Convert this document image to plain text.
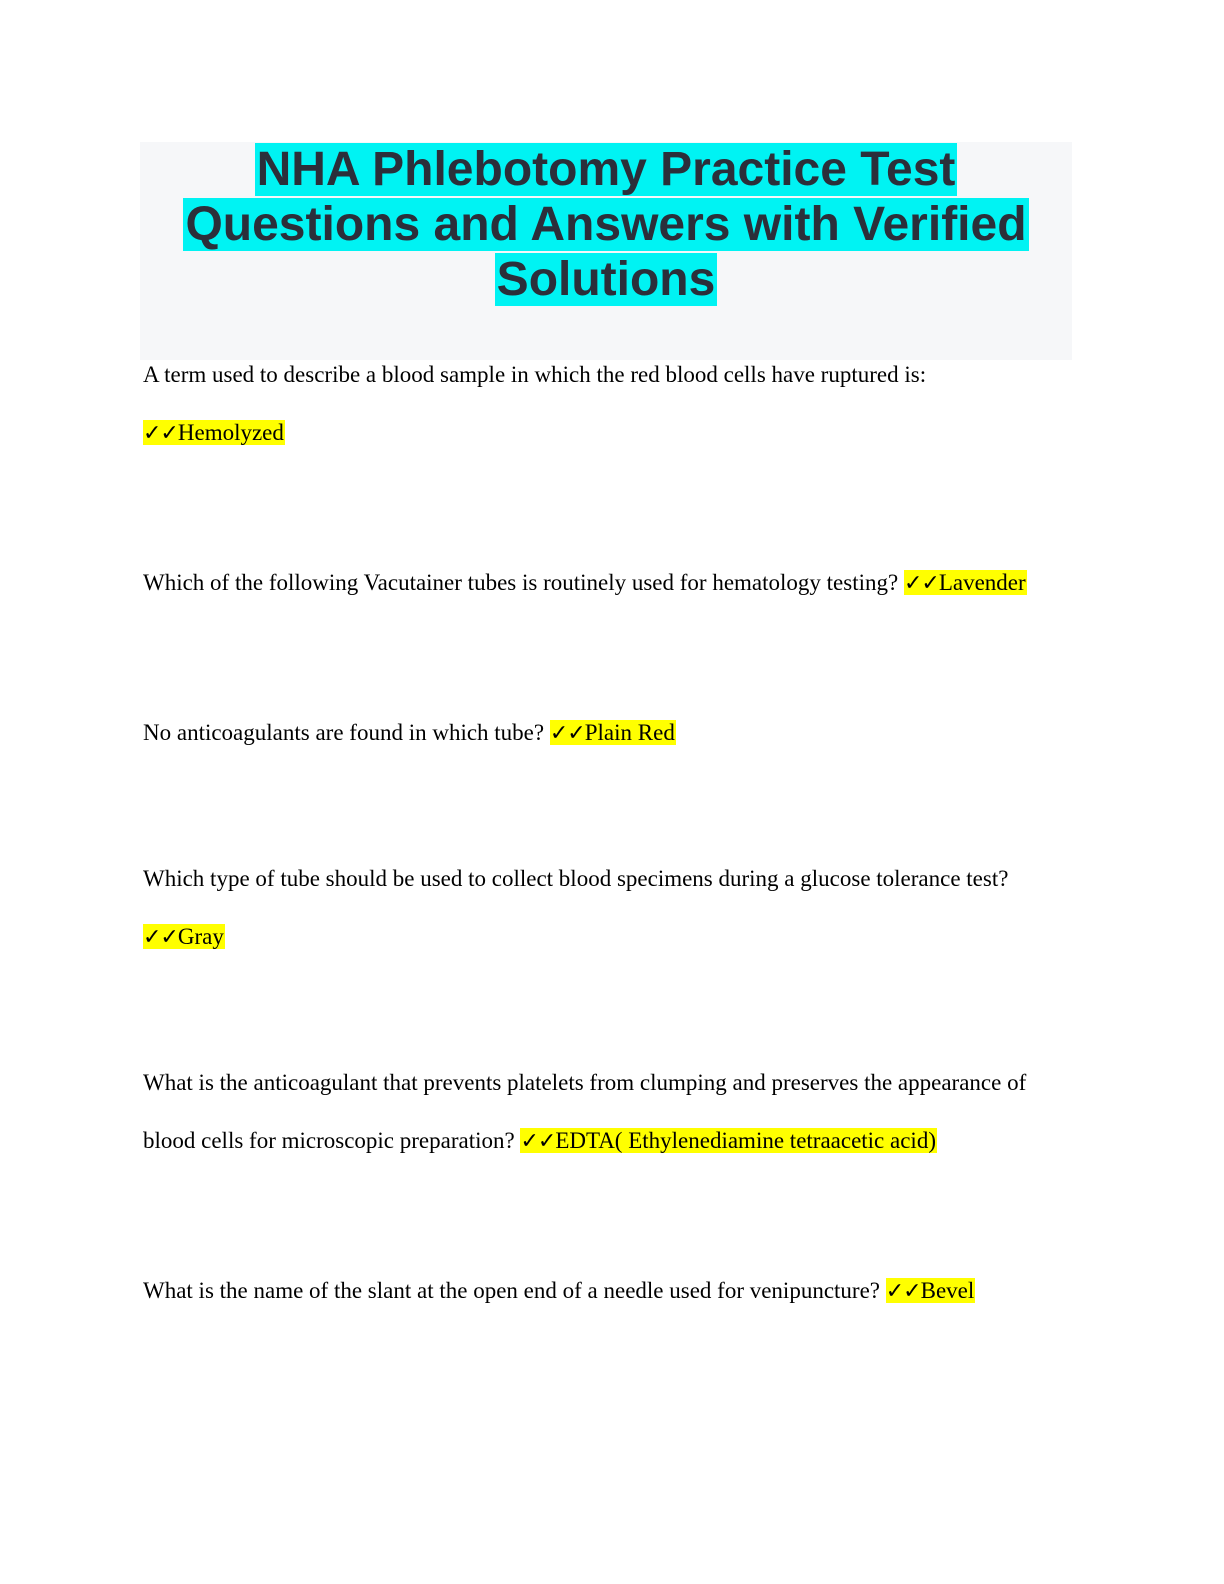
NHA Phlebotomy Practice Test
Questions and Answers with Verified
Solutions

A term used to describe a blood sample in which the red blood cells have ruptured is:
✓✓Hemolyzed

Which of the following Vacutainer tubes is routinely used for hematology testing? ✓✓Lavender

No anticoagulants are found in which tube? ✓✓Plain Red

Which type of tube should be used to collect blood specimens during a glucose tolerance test?
✓✓Gray

What is the anticoagulant that prevents platelets from clumping and preserves the appearance of blood cells for microscopic preparation? ✓✓EDTA( Ethylenediamine tetraacetic acid)

What is the name of the slant at the open end of a needle used for venipuncture? ✓✓Bevel
